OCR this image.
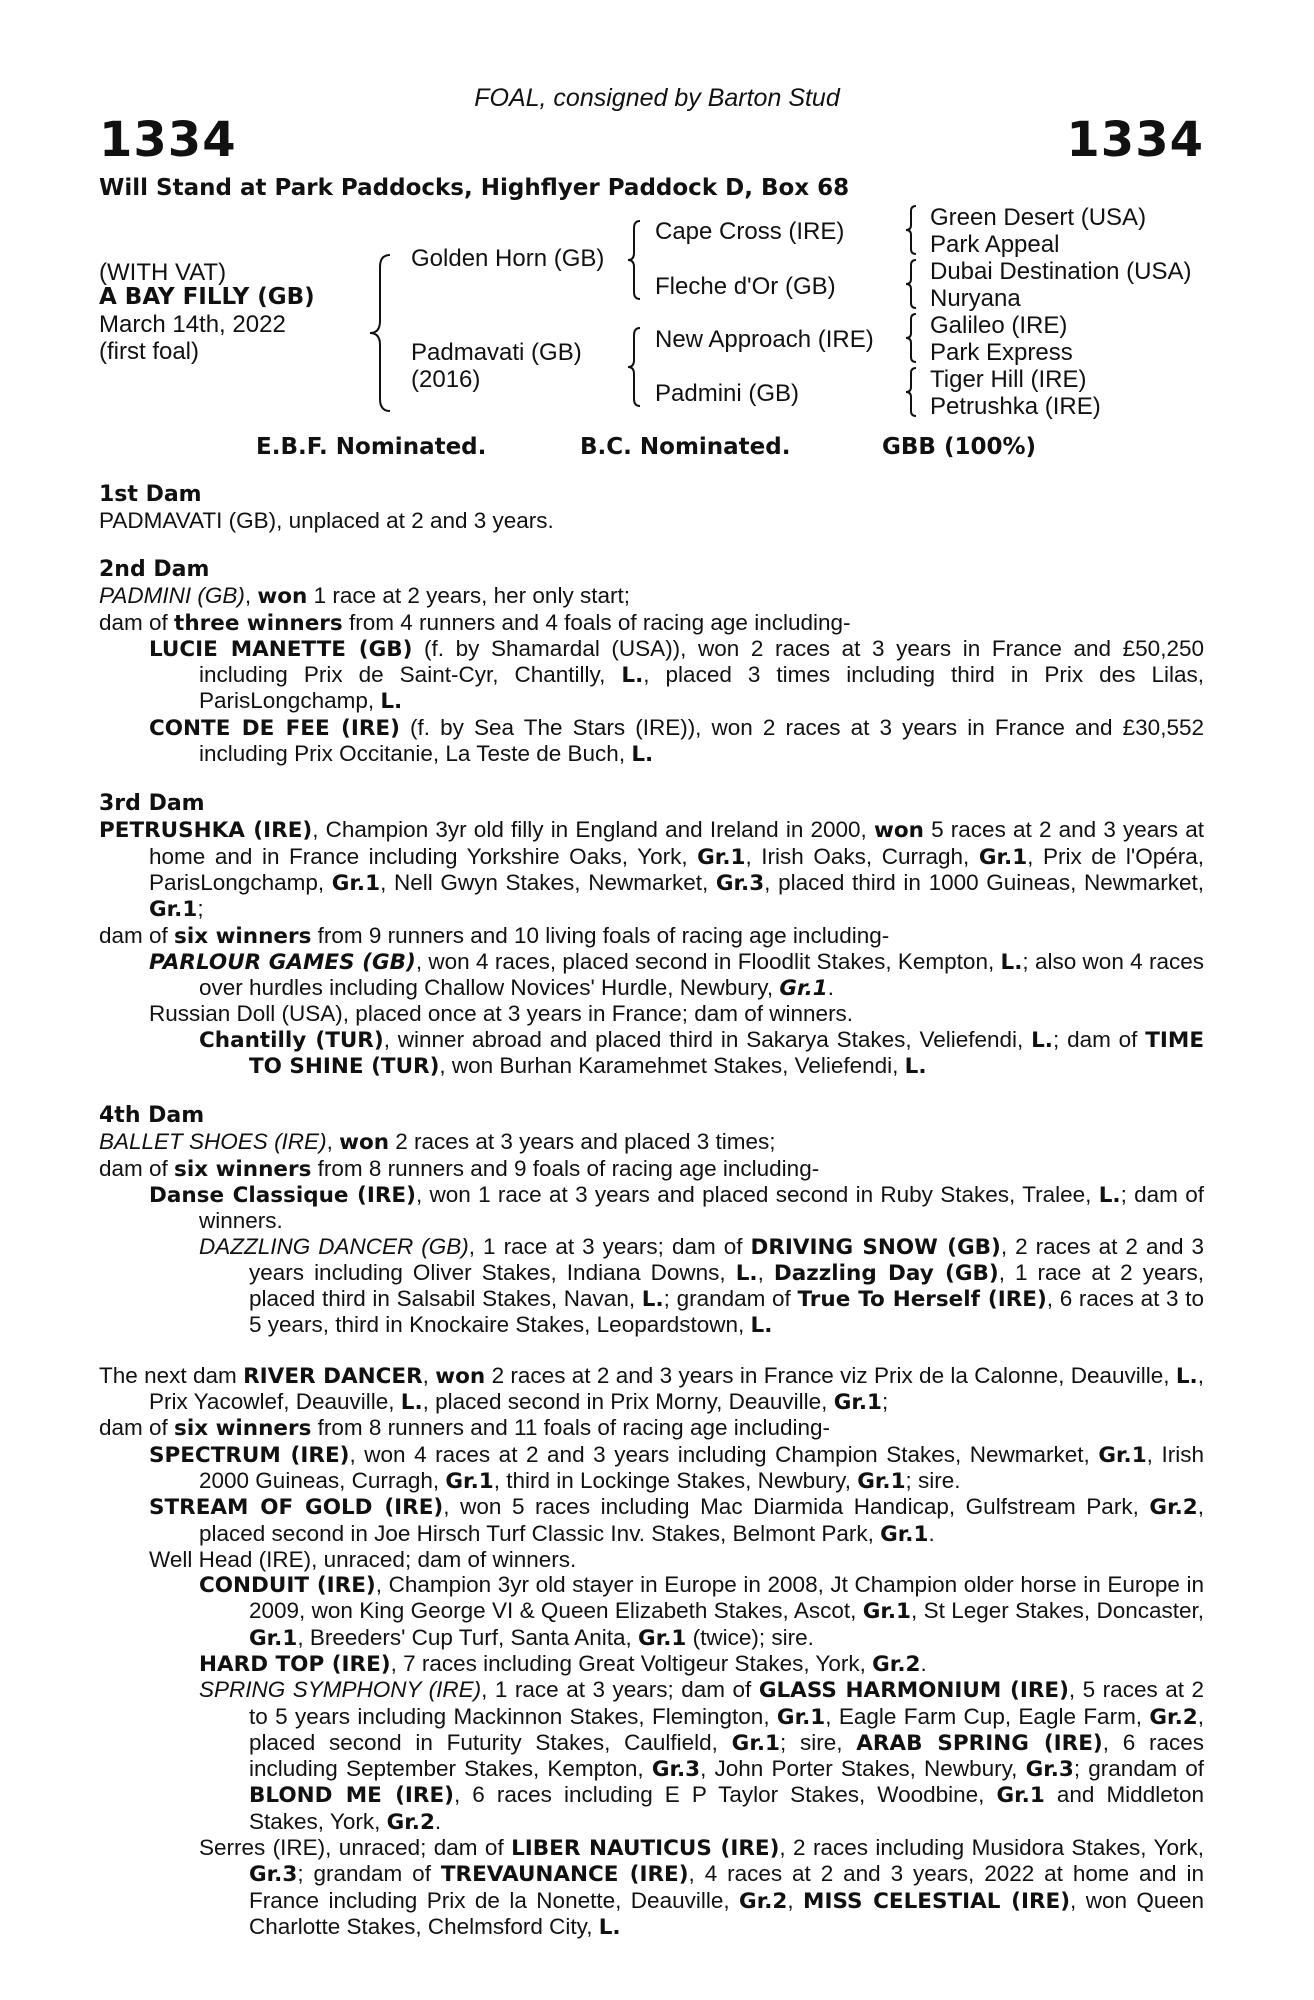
FOAL, consigned by Barton Stud
1334	1334
Will Stand at Park Paddocks, Highflyer Paddock D, Box 68
(WITH VAT)
A BAY FILLY (GB)
March 14th, 2022
(first foal)
Golden Horn (GB)
Padmavati (GB)
(2016)
Cape Cross (IRE)
Fleche d'Or (GB)
New Approach (IRE)
Padmini (GB)
Green Desert (USA)
Park Appeal
Dubai Destination (USA)
Nuryana
Galileo (IRE)
Park Express
Tiger Hill (IRE)
Petrushka (IRE)
E.B.F. Nominated.	B.C. Nominated.	GBB (100%)
1st Dam
PADMAVATI (GB), unplaced at 2 and 3 years.
2nd Dam
PADMINI (GB), won 1 race at 2 years, her only start;
dam of three winners from 4 runners and 4 foals of racing age including-
LUCIE MANETTE (GB) (f. by Shamardal (USA)), won 2 races at 3 years in France and £50,250 including Prix de Saint-Cyr, Chantilly, L., placed 3 times including third in Prix des Lilas, ParisLongchamp, L.
CONTE DE FEE (IRE) (f. by Sea The Stars (IRE)), won 2 races at 3 years in France and £30,552 including Prix Occitanie, La Teste de Buch, L.
3rd Dam
PETRUSHKA (IRE), Champion 3yr old filly in England and Ireland in 2000, won 5 races at 2 and 3 years at home and in France including Yorkshire Oaks, York, Gr.1, Irish Oaks, Curragh, Gr.1, Prix de l'Opéra, ParisLongchamp, Gr.1, Nell Gwyn Stakes, Newmarket, Gr.3, placed third in 1000 Guineas, Newmarket, Gr.1;
dam of six winners from 9 runners and 10 living foals of racing age including-
PARLOUR GAMES (GB), won 4 races, placed second in Floodlit Stakes, Kempton, L.; also won 4 races over hurdles including Challow Novices' Hurdle, Newbury, Gr.1.
Russian Doll (USA), placed once at 3 years in France; dam of winners.
Chantilly (TUR), winner abroad and placed third in Sakarya Stakes, Veliefendi, L.; dam of TIME TO SHINE (TUR), won Burhan Karamehmet Stakes, Veliefendi, L.
4th Dam
BALLET SHOES (IRE), won 2 races at 3 years and placed 3 times;
dam of six winners from 8 runners and 9 foals of racing age including-
Danse Classique (IRE), won 1 race at 3 years and placed second in Ruby Stakes, Tralee, L.; dam of winners.
DAZZLING DANCER (GB), 1 race at 3 years; dam of DRIVING SNOW (GB), 2 races at 2 and 3 years including Oliver Stakes, Indiana Downs, L., Dazzling Day (GB), 1 race at 2 years, placed third in Salsabil Stakes, Navan, L.; grandam of True To Herself (IRE), 6 races at 3 to 5 years, third in Knockaire Stakes, Leopardstown, L.
The next dam RIVER DANCER, won 2 races at 2 and 3 years in France viz Prix de la Calonne, Deauville, L., Prix Yacowlef, Deauville, L., placed second in Prix Morny, Deauville, Gr.1;
dam of six winners from 8 runners and 11 foals of racing age including-
SPECTRUM (IRE), won 4 races at 2 and 3 years including Champion Stakes, Newmarket, Gr.1, Irish 2000 Guineas, Curragh, Gr.1, third in Lockinge Stakes, Newbury, Gr.1; sire.
STREAM OF GOLD (IRE), won 5 races including Mac Diarmida Handicap, Gulfstream Park, Gr.2, placed second in Joe Hirsch Turf Classic Inv. Stakes, Belmont Park, Gr.1.
Well Head (IRE), unraced; dam of winners.
CONDUIT (IRE), Champion 3yr old stayer in Europe in 2008, Jt Champion older horse in Europe in 2009, won King George VI & Queen Elizabeth Stakes, Ascot, Gr.1, St Leger Stakes, Doncaster, Gr.1, Breeders' Cup Turf, Santa Anita, Gr.1 (twice); sire.
HARD TOP (IRE), 7 races including Great Voltigeur Stakes, York, Gr.2.
SPRING SYMPHONY (IRE), 1 race at 3 years; dam of GLASS HARMONIUM (IRE), 5 races at 2 to 5 years including Mackinnon Stakes, Flemington, Gr.1, Eagle Farm Cup, Eagle Farm, Gr.2, placed second in Futurity Stakes, Caulfield, Gr.1; sire, ARAB SPRING (IRE), 6 races including September Stakes, Kempton, Gr.3, John Porter Stakes, Newbury, Gr.3; grandam of BLOND ME (IRE), 6 races including E P Taylor Stakes, Woodbine, Gr.1 and Middleton Stakes, York, Gr.2.
Serres (IRE), unraced; dam of LIBER NAUTICUS (IRE), 2 races including Musidora Stakes, York, Gr.3; grandam of TREVAUNANCE (IRE), 4 races at 2 and 3 years, 2022 at home and in France including Prix de la Nonette, Deauville, Gr.2, MISS CELESTIAL (IRE), won Queen Charlotte Stakes, Chelmsford City, L.
